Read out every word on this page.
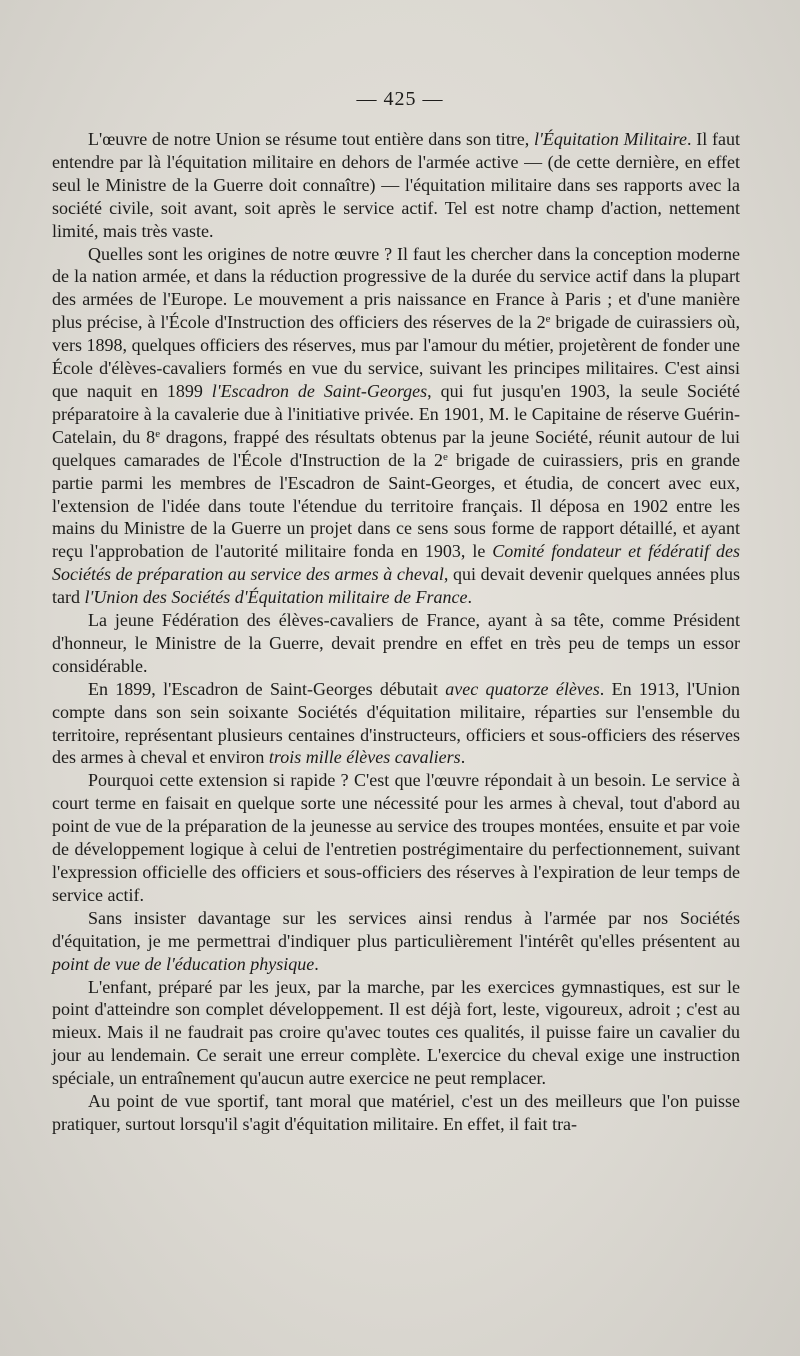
— 425 —

L'œuvre de notre Union se résume tout entière dans son titre, l'Équitation Militaire. Il faut entendre par là l'équitation militaire en dehors de l'armée active — (de cette dernière, en effet seul le Ministre de la Guerre doit connaître) — l'équitation militaire dans ses rapports avec la société civile, soit avant, soit après le service actif. Tel est notre champ d'action, nettement limité, mais très vaste.

Quelles sont les origines de notre œuvre ? Il faut les chercher dans la conception moderne de la nation armée, et dans la réduction progressive de la durée du service actif dans la plupart des armées de l'Europe. Le mouvement a pris naissance en France à Paris ; et d'une manière plus précise, à l'École d'Instruction des officiers des réserves de la 2e brigade de cuirassiers où, vers 1898, quelques officiers des réserves, mus par l'amour du métier, projetèrent de fonder une École d'élèves-cavaliers formés en vue du service, suivant les principes militaires. C'est ainsi que naquit en 1899 l'Escadron de Saint-Georges, qui fut jusqu'en 1903, la seule Société préparatoire à la cavalerie due à l'initiative privée. En 1901, M. le Capitaine de réserve Guérin-Catelain, du 8e dragons, frappé des résultats obtenus par la jeune Société, réunit autour de lui quelques camarades de l'École d'Instruction de la 2e brigade de cuirassiers, pris en grande partie parmi les membres de l'Escadron de Saint-Georges, et étudia, de concert avec eux, l'extension de l'idée dans toute l'étendue du territoire français. Il déposa en 1902 entre les mains du Ministre de la Guerre un projet dans ce sens sous forme de rapport détaillé, et ayant reçu l'approbation de l'autorité militaire fonda en 1903, le Comité fondateur et fédératif des Sociétés de préparation au service des armes à cheval, qui devait devenir quelques années plus tard l'Union des Sociétés d'Équitation militaire de France.

La jeune Fédération des élèves-cavaliers de France, ayant à sa tête, comme Président d'honneur, le Ministre de la Guerre, devait prendre en effet en très peu de temps un essor considérable.

En 1899, l'Escadron de Saint-Georges débutait avec quatorze élèves. En 1913, l'Union compte dans son sein soixante Sociétés d'équitation militaire, réparties sur l'ensemble du territoire, représentant plusieurs centaines d'instructeurs, officiers et sous-officiers des réserves des armes à cheval et environ trois mille élèves cavaliers.

Pourquoi cette extension si rapide ? C'est que l'œuvre répondait à un besoin. Le service à court terme en faisait en quelque sorte une nécessité pour les armes à cheval, tout d'abord au point de vue de la préparation de la jeunesse au service des troupes montées, ensuite et par voie de développement logique à celui de l'entretien postrégimentaire du perfectionnement, suivant l'expression officielle des officiers et sous-officiers des réserves à l'expiration de leur temps de service actif.

Sans insister davantage sur les services ainsi rendus à l'armée par nos Sociétés d'équitation, je me permettrai d'indiquer plus particulièrement l'intérêt qu'elles présentent au point de vue de l'éducation physique.

L'enfant, préparé par les jeux, par la marche, par les exercices gymnastiques, est sur le point d'atteindre son complet développement. Il est déjà fort, leste, vigoureux, adroit ; c'est au mieux. Mais il ne faudrait pas croire qu'avec toutes ces qualités, il puisse faire un cavalier du jour au lendemain. Ce serait une erreur complète. L'exercice du cheval exige une instruction spéciale, un entraînement qu'aucun autre exercice ne peut remplacer.

Au point de vue sportif, tant moral que matériel, c'est un des meilleurs que l'on puisse pratiquer, surtout lorsqu'il s'agit d'équitation militaire. En effet, il fait tra-
